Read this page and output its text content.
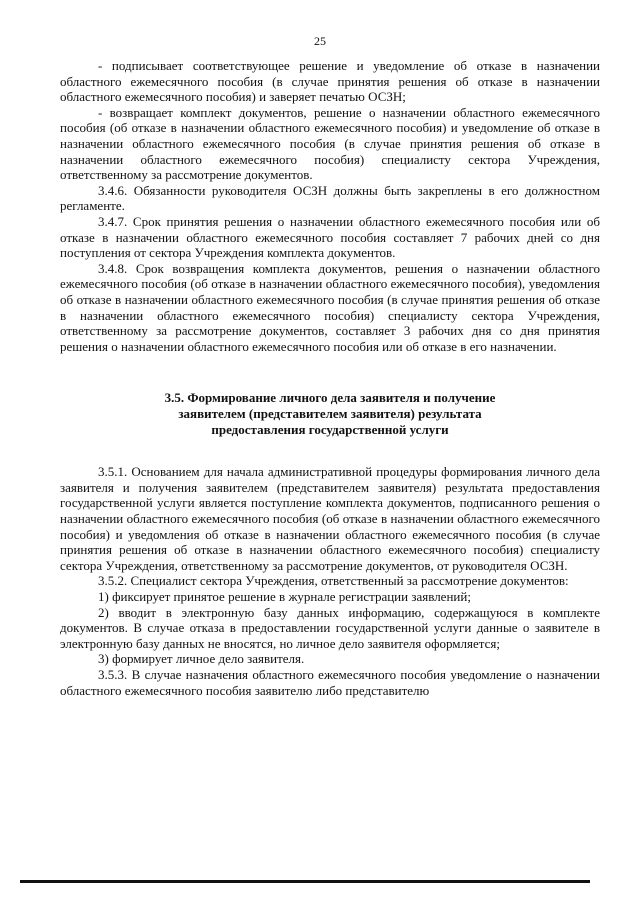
25

- подписывает соответствующее решение и уведомление об отказе в назначении областного ежемесячного пособия (в случае принятия решения об отказе в назначении областного ежемесячного пособия) и заверяет печатью ОСЗН;

- возвращает комплект документов, решение о назначении областного ежемесячного пособия (об отказе в назначении областного ежемесячного пособия) и уведомление об отказе в назначении областного ежемесячного пособия (в случае принятия решения об отказе в назначении областного ежемесячного пособия) специалисту сектора Учреждения, ответственному за рассмотрение документов.

3.4.6. Обязанности руководителя ОСЗН должны быть закреплены в его должностном регламенте.

3.4.7. Срок принятия решения о назначении областного ежемесячного пособия или об отказе в назначении областного ежемесячного пособия составляет 7 рабочих дней со дня поступления от сектора Учреждения комплекта документов.

3.4.8. Срок возвращения комплекта документов, решения о назначении областного ежемесячного пособия (об отказе в назначении областного ежемесячного пособия), уведомления об отказе в назначении областного ежемесячного пособия (в случае принятия решения об отказе в назначении областного ежемесячного пособия) специалисту сектора Учреждения, ответственному за рассмотрение документов, составляет 3 рабочих дня со дня принятия решения о назначении областного ежемесячного пособия или об отказе в его назначении.

3.5. Формирование личного дела заявителя и получение
заявителем (представителем заявителя) результата
предоставления государственной услуги

3.5.1. Основанием для начала административной процедуры формирования личного дела заявителя и получения заявителем (представителем заявителя) результата предоставления государственной услуги является поступление комплекта документов, подписанного решения о назначении областного ежемесячного пособия (об отказе в назначении областного ежемесячного пособия) и уведомления об отказе в назначении областного ежемесячного пособия (в случае принятия решения об отказе в назначении областного ежемесячного пособия) специалисту сектора Учреждения, ответственному за рассмотрение документов, от руководителя ОСЗН.

3.5.2. Специалист сектора Учреждения, ответственный за рассмотрение документов:

1) фиксирует принятое решение в журнале регистрации заявлений;

2) вводит в электронную базу данных информацию, содержащуюся в комплекте документов. В случае отказа в предоставлении государственной услуги данные о заявителе в электронную базу данных не вносятся, но личное дело заявителя оформляется;

3) формирует личное дело заявителя.

3.5.3. В случае назначения областного ежемесячного пособия уведомление о назначении областного ежемесячного пособия заявителю либо представителю
